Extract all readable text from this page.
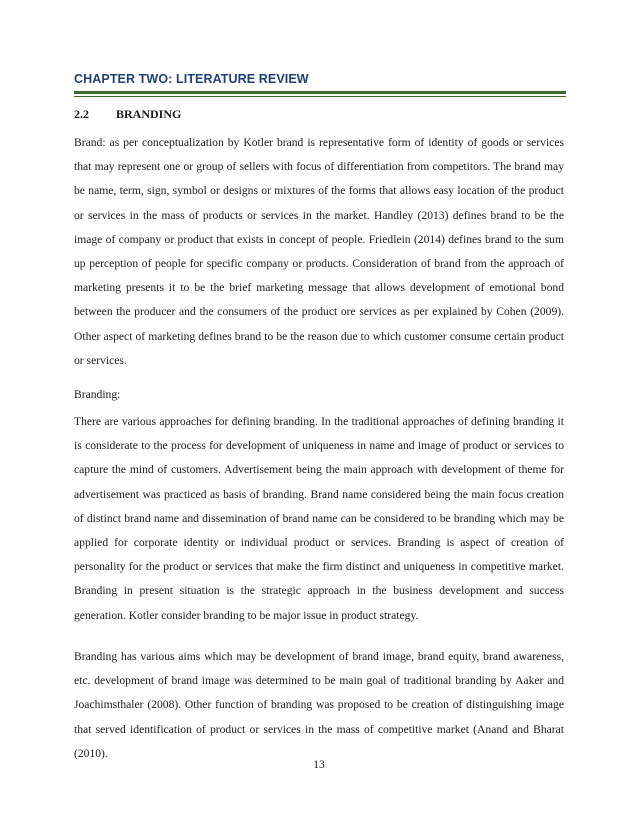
CHAPTER TWO: LITERATURE REVIEW
2.2	BRANDING

Brand: as per conceptualization by Kotler brand is representative form of identity of goods or services that may represent one or group of sellers with focus of differentiation from competitors. The brand may be name, term, sign, symbol or designs or mixtures of the forms that allows easy location of the product or services in the mass of products or services in the market. Handley (2013) defines brand to be the image of company or product that exists in concept of people. Friedlein (2014) defines brand to the sum up perception of people for specific company or products. Consideration of brand from the approach of marketing presents it to be the brief marketing message that allows development of emotional bond between the producer and the consumers of the product ore services as per explained by Cohen (2009). Other aspect of marketing defines brand to be the reason due to which customer consume certain product or services.

Branding:

There are various approaches for defining branding. In the traditional approaches of defining branding it is considerate to the process for development of uniqueness in name and image of product or services to capture the mind of customers. Advertisement being the main approach with development of theme for advertisement was practiced as basis of branding. Brand name considered being the main focus creation of distinct brand name and dissemination of brand name can be considered to be branding which may be applied for corporate identity or individual product or services. Branding is aspect of creation of personality for the product or services that make the firm distinct and uniqueness in competitive market. Branding in present situation is the strategic approach in the business development and success generation. Kotler consider branding to be major issue in product strategy.

Branding has various aims which may be development of brand image, brand equity, brand awareness, etc. development of brand image was determined to be main goal of traditional branding by Aaker and Joachimsthaler (2008). Other function of branding was proposed to be creation of distinguishing image that served identification of product or services in the mass of competitive market (Anand and Bharat (2010).

13
